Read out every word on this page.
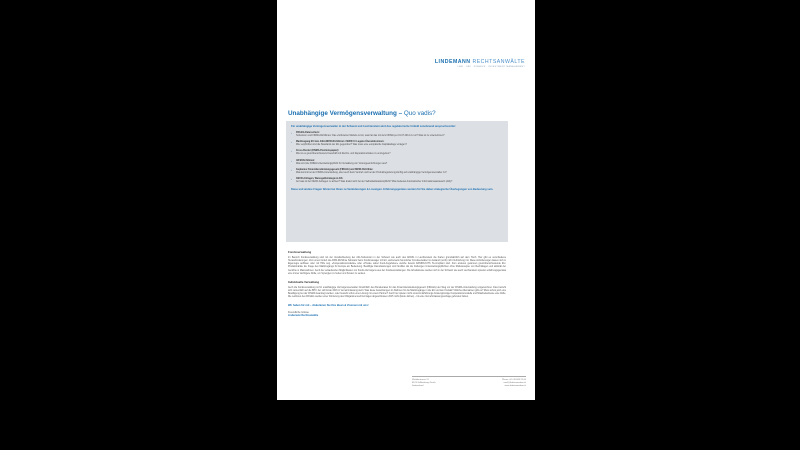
LINDEMANN RECHTSANWÄLTE
LAW · TAX · FINANCE · INVESTMENT MANAGEMENT
Unabhängige Vermögensverwaltung – Quo vadis?
Für unabhängige Vermögensverwalter in der Schweiz und Liechtenstein wird das regulatorische Umfeld zunehmend anspruchsvoller:
›	FIDLEG-Datenschutz:
Teilrevision und FINMA-Richtlinien: Das «Schweizer Modell» ist tot, was hat das mit dem FINMA per 01.07.2014 zu tun? Was ist zu unternehmen?
›	Marktzugang EU bzw. EEA-MiFID-Richtlinien / MiFID II / Lugano-Übereinkommen:
Wie verpflichtet sind die Standards der EU gegenüber? Was muss eine europäische Kapitalanlage vorlegen?
›	Cross-Border (FINMA-Positionspapier):
Wie ist es grenzüberschreitend Geschäft mit Rechts- und Reputationsrisiken zu einzugehen?
›	AIFM-Richtlinien:
Was sind die FINMA-Unterstellungspflicht für Verwaltung von Vorsorgeeinrichtungen aus?
›	Geplantes Finanzdienstleistungsgesetz (FIDLEG) und MiFID-Richtlinie:
Was kommt bei der FINMA-Unterstellung, aber auch beim Vertrieb und bei der Produktregulierung künftig auf unabhängige Vermögensverwalter zu?
›	OECD-Anfragen, Weissgeldstrategie & AIA:
Auf was ist bei OECD-Anfragen zu achten? Was ändert sich bei der Selbstdeklarationspflicht? Was bedeutet Automatischer Informationsaustausch (AIA)?
Diese und andere Fragen führen bei Ihnen zu Veränderungen & Lösungen. Erfahrungsgemäss werden für Sie dabei strategische Überlegungen von Bedeutung sein.
Fondsverwaltung
Im Bereich Fondsverwaltung sind mit der Verabschiedung der AIG-Teilrevision in der Schweiz wie auch des AIFMG in Liechtenstein die Karten grundsätzlich auf dem Tisch. Hier gibt es verschiedene Herausforderungen. Zum einen fordert die AIFM-Richtlinie Substanz beim Fondsmanager mit EU, andrerseits hat solcher Fondsverwalter im Ausland (noch) nicht Verbindung mit. Diese Anforderungen lassen sich in Eigenregie auflösen oder mit Hilfe sog. «Kooperationsmodelle» oder «Private Label Fund-Angeboten» welche bereits AIFMD/UCITS IV-compliant sind. Zum anderen gewinnen grenzüberschreitende EU-Produktmärkte die Frage des Marktzugangs für Europa am Bedeutung. Bewilligte Dienstleistungen sind flexibler als die bisherigen Unterstellungspflichten ohne Risikoanalyse von Rechtslagen und aktivität der Gerichte in Massnahmen. Auch die verkaufenden Möglichkeiten vor Fonds-Vermögens aus der Fondsverwaltungen. Die Arbeitskreise werden sich in der Schweiz wie auch Liechtenstein spreden erfahrungsgemäss eine immer wichtigere Rolle, um Synergien zu heben und Kosten zu senken.
Individuelle Verwaltung
Auch die Fondsverwaltung ist für unabhängige Vermögensverwalter hinsichtlich des Bundesrates für das Finanzdienstleistungsgesetz (FIDLEG) der Weg vor der FINMA-Unterstellung vorgezeichnet. Dies bezieht sich namentlich auf die BPV, der sich Ende 2016 in Vernehmlassung steht. Was diese Auswirkungen im Rahmen für die Marktzugänge in die EU und den Kontakt? Welche Alternativen gibt es? Muss schon jetzt eine Bewilligung bei der FINMA beantragt werden, oder besteht schon eine Lösung mit einem Partner? Auch hier spielen nicht umsonst Erfahrungs-Kostengünstige Kooperationsmodelle und Mitarbeiterkreise eine Rolle. Die Leitlinien des FIDLEG werden einer Förderung des Obligationenrechts-Fragen abgeschlossen 2015 nicht (Ende Jahres) – bis eine Vernehmlassungsvorlage gefunden haben.
Wir haben für mit – diskutieren Sie Ihre Ideen & Visionen mit uns!
Freundliche Grüsse
Lindemann Rechtsanwälte
Weiblentrasse 11
8123 Zollikerberg-Zürich
Switzerland
Phone +41 43 843 22 00
mail@lindemannlaw.ch
www.lindemannlaw.ch
